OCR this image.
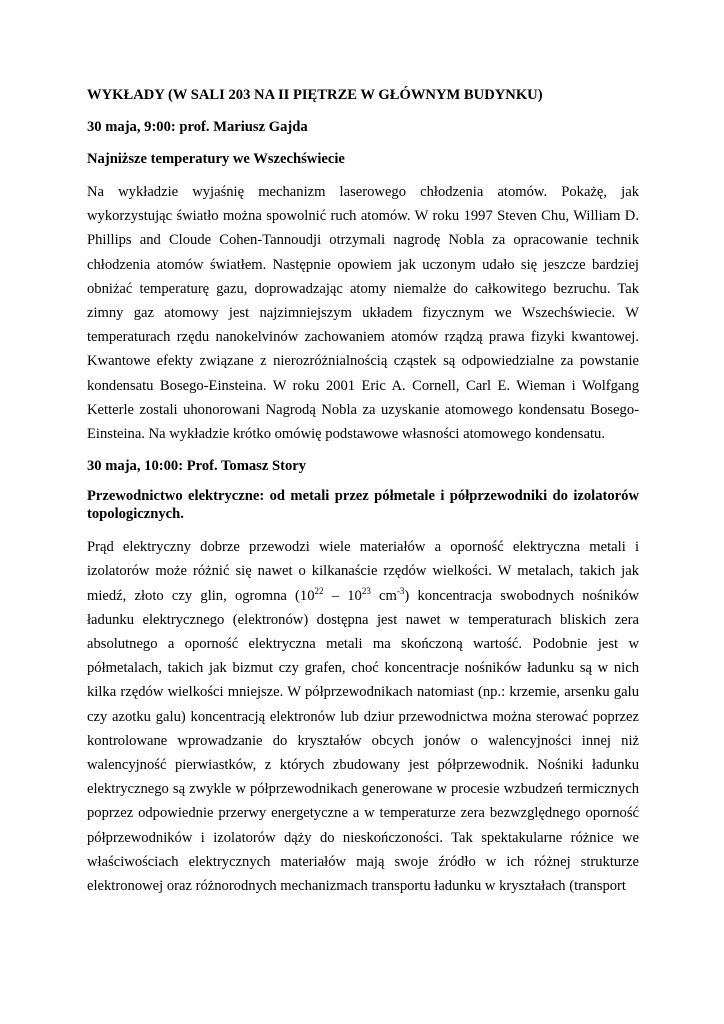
WYKŁADY (W SALI 203 NA II PIĘTRZE W GŁÓWNYM BUDYNKU)

30 maja, 9:00: prof. Mariusz Gajda

Najniższe temperatury we Wszechświecie

Na wykładzie wyjaśnię mechanizm laserowego chłodzenia atomów. Pokażę, jak wykorzystując światło można spowolnić ruch atomów. W roku 1997 Steven Chu, William D. Phillips and Cloude Cohen-Tannoudji otrzymali nagrodę Nobla za opracowanie technik chłodzenia atomów światłem. Następnie opowiem jak uczonym udało się jeszcze bardziej obniżać temperaturę gazu, doprowadzając atomy niemalże do całkowitego bezruchu. Tak zimny gaz atomowy jest najzimniejszym układem fizycznym we Wszechświecie. W temperaturach rzędu nanokelvinów zachowaniem atomów rządzą prawa fizyki kwantowej. Kwantowe efekty związane z nierozróżnialnością cząstek są odpowiedzialne za powstanie kondensatu Bosego-Einsteina. W roku 2001 Eric A. Cornell, Carl E. Wieman i Wolfgang Ketterle zostali uhonorowani Nagrodą Nobla za uzyskanie atomowego kondensatu Bosego-Einsteina. Na wykładzie krótko omówię podstawowe własności atomowego kondensatu.

30 maja, 10:00: Prof. Tomasz Story

Przewodnictwo elektryczne: od metali przez półmetale i półprzewodniki do izolatorów topologicznych.

Prąd elektryczny dobrze przewodzi wiele materiałów a oporność elektryczna metali i izolatorów może różnić się nawet o kilkanaście rzędów wielkości. W metalach, takich jak miedź, złoto czy glin, ogromna ($10^{22} - 10^{23}$ $cm^{-3}$) koncentracja swobodnych nośników ładunku elektrycznego (elektronów) dostępna jest nawet w temperaturach bliskich zera absolutnego a oporność elektryczna metali ma skończoną wartość. Podobnie jest w półmetalach, takich jak bizmut czy grafen, choć koncentracje nośników ładunku są w nich kilka rzędów wielkości mniejsze. W półprzewodnikach natomiast (np.: krzemie, arsenku galu czy azotku galu) koncentracją elektronów lub dziur przewodnictwa można sterować poprzez kontrolowane wprowadzanie do kryształów obcych jonów o walencyjności innej niż walencyjność pierwiastków, z których zbudowany jest półprzewodnik. Nośniki ładunku elektrycznego są zwykle w półprzewodnikach generowane w procesie wzbudzeń termicznych poprzez odpowiednie przerwy energetyczne a w temperaturze zera bezwzględnego oporność półprzewodników i izolatorów dąży do nieskończoności. Tak spektakularne różnice we właściwościach elektrycznych materiałów mają swoje źródło w ich różnej strukturze elektronowej oraz różnorodnych mechanizmach transportu ładunku w kryształach (transport
